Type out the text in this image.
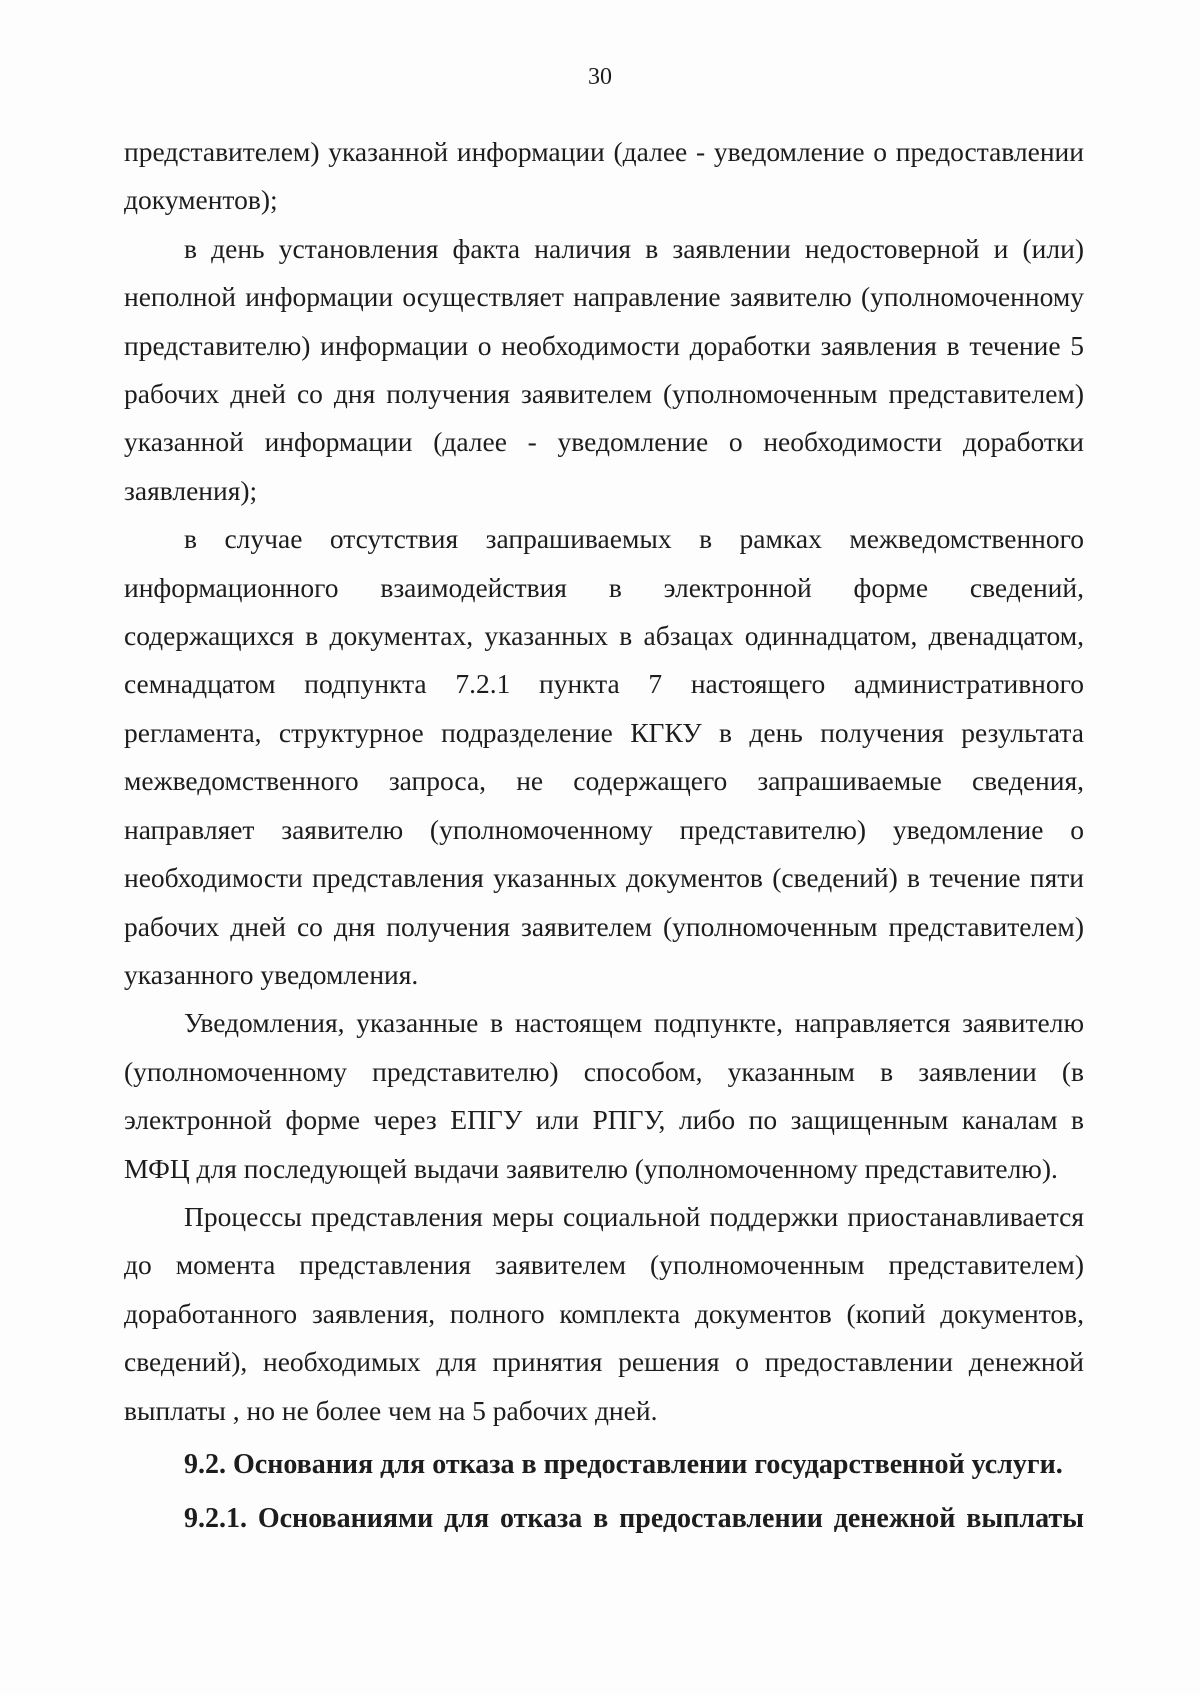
30

представителем) указанной информации (далее - уведомление о предоставлении документов);

в день установления факта наличия в заявлении недостоверной и (или) неполной информации осуществляет направление заявителю (уполномоченному представителю) информации о необходимости доработки заявления в течение 5 рабочих дней со дня получения заявителем (уполномоченным представителем) указанной информации (далее - уведомление о необходимости доработки заявления);

в случае отсутствия запрашиваемых в рамках межведомственного информационного взаимодействия в электронной форме сведений, содержащихся в документах, указанных в абзацах одиннадцатом, двенадцатом, семнадцатом подпункта 7.2.1 пункта 7 настоящего административного регламента, структурное подразделение КГКУ в день получения результата межведомственного запроса, не содержащего запрашиваемые сведения, направляет заявителю (уполномоченному представителю) уведомление о необходимости представления указанных документов (сведений) в течение пяти рабочих дней со дня получения заявителем (уполномоченным представителем) указанного уведомления.

Уведомления, указанные в настоящем подпункте, направляется заявителю (уполномоченному представителю) способом, указанным в заявлении (в электронной форме через ЕПГУ или РПГУ, либо по защищенным каналам в МФЦ для последующей выдачи заявителю (уполномоченному представителю).

Процессы представления меры социальной поддержки приостанавливается до момента представления заявителем (уполномоченным представителем) доработанного заявления, полного комплекта документов (копий документов, сведений), необходимых для принятия решения о предоставлении денежной выплаты , но не более чем на 5 рабочих дней.

9.2. Основания для отказа в предоставлении государственной услуги.

9.2.1. Основаниями для отказа в предоставлении денежной выплаты
